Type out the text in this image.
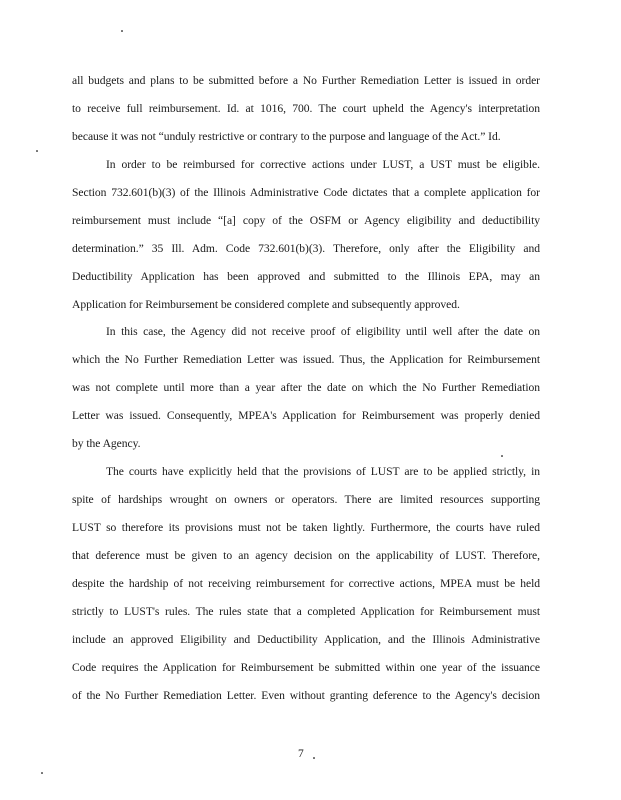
all budgets and plans to be submitted before a No Further Remediation Letter is issued in order
to receive full reimbursement. Id. at 1016, 700. The court upheld the Agency's interpretation
because it was not “unduly restrictive or contrary to the purpose and language of the Act.” Id.
In order to be reimbursed for corrective actions under LUST, a UST must be eligible.
Section 732.601(b)(3) of the Illinois Administrative Code dictates that a complete application for
reimbursement must include “[a] copy of the OSFM or Agency eligibility and deductibility
determination.” 35 Ill. Adm. Code 732.601(b)(3). Therefore, only after the Eligibility and
Deductibility Application has been approved and submitted to the Illinois EPA, may an
Application for Reimbursement be considered complete and subsequently approved.
In this case, the Agency did not receive proof of eligibility until well after the date on
which the No Further Remediation Letter was issued. Thus, the Application for Reimbursement
was not complete until more than a year after the date on which the No Further Remediation
Letter was issued. Consequently, MPEA's Application for Reimbursement was properly denied
by the Agency.
The courts have explicitly held that the provisions of LUST are to be applied strictly, in
spite of hardships wrought on owners or operators. There are limited resources supporting
LUST so therefore its provisions must not be taken lightly. Furthermore, the courts have ruled
that deference must be given to an agency decision on the applicability of LUST. Therefore,
despite the hardship of not receiving reimbursement for corrective actions, MPEA must be held
strictly to LUST's rules. The rules state that a completed Application for Reimbursement must
include an approved Eligibility and Deductibility Application, and the Illinois Administrative
Code requires the Application for Reimbursement be submitted within one year of the issuance
of the No Further Remediation Letter. Even without granting deference to the Agency's decision
7
